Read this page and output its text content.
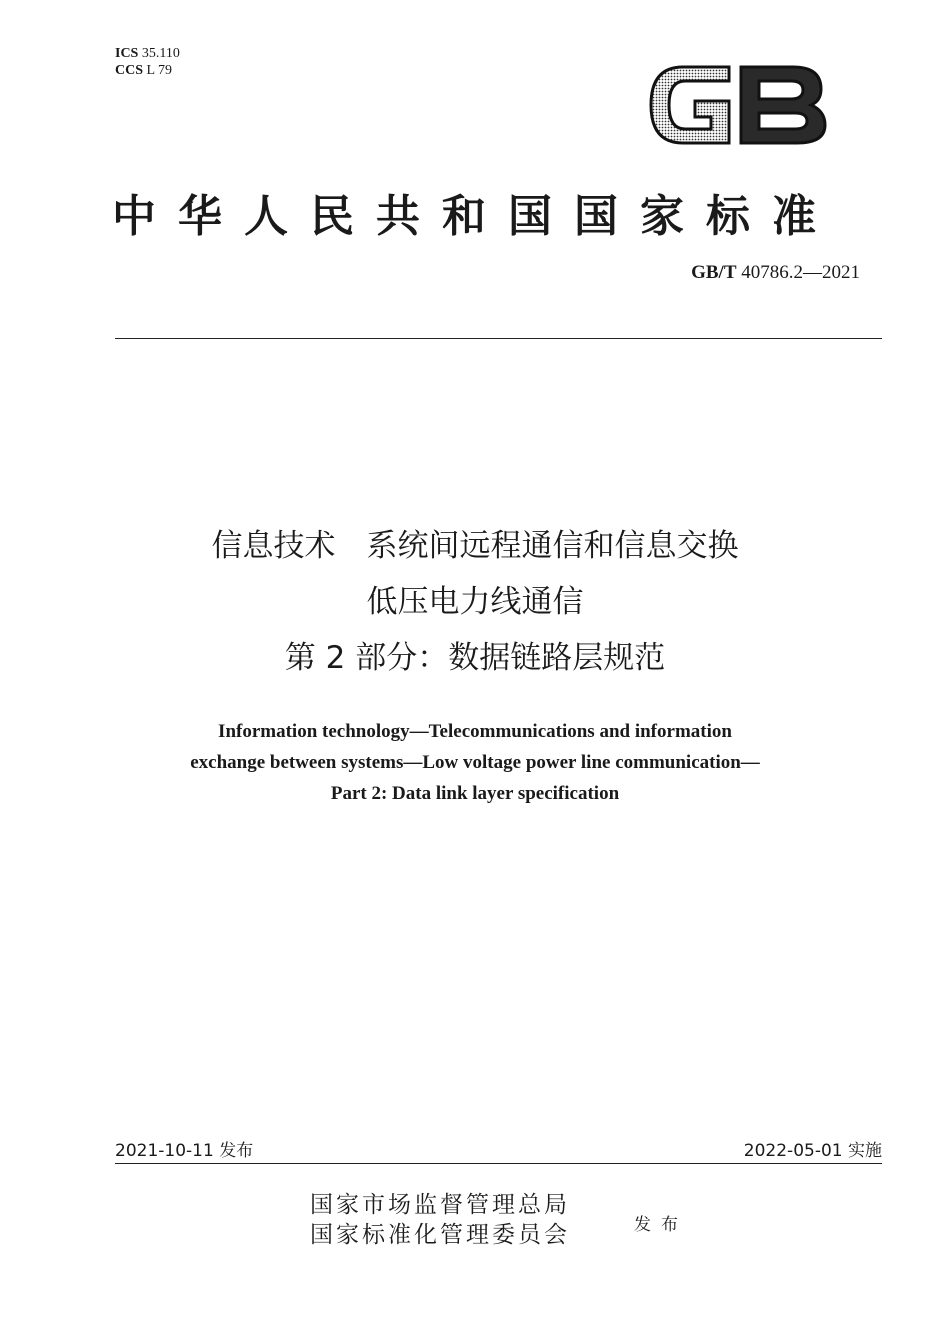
ICS 35.110
CCS L 79
GB
中华人民共和国国家标准
GB/T 40786.2—2021
信息技术　系统间远程通信和信息交换
低压电力线通信
第 2 部分：数据链路层规范
Information technology—Telecommunications and information
exchange between systems—Low voltage power line communication—
Part 2: Data link layer specification
2021-10-11 发布	2022-05-01 实施
国家市场监督管理总局
国家标准化管理委员会	发布
